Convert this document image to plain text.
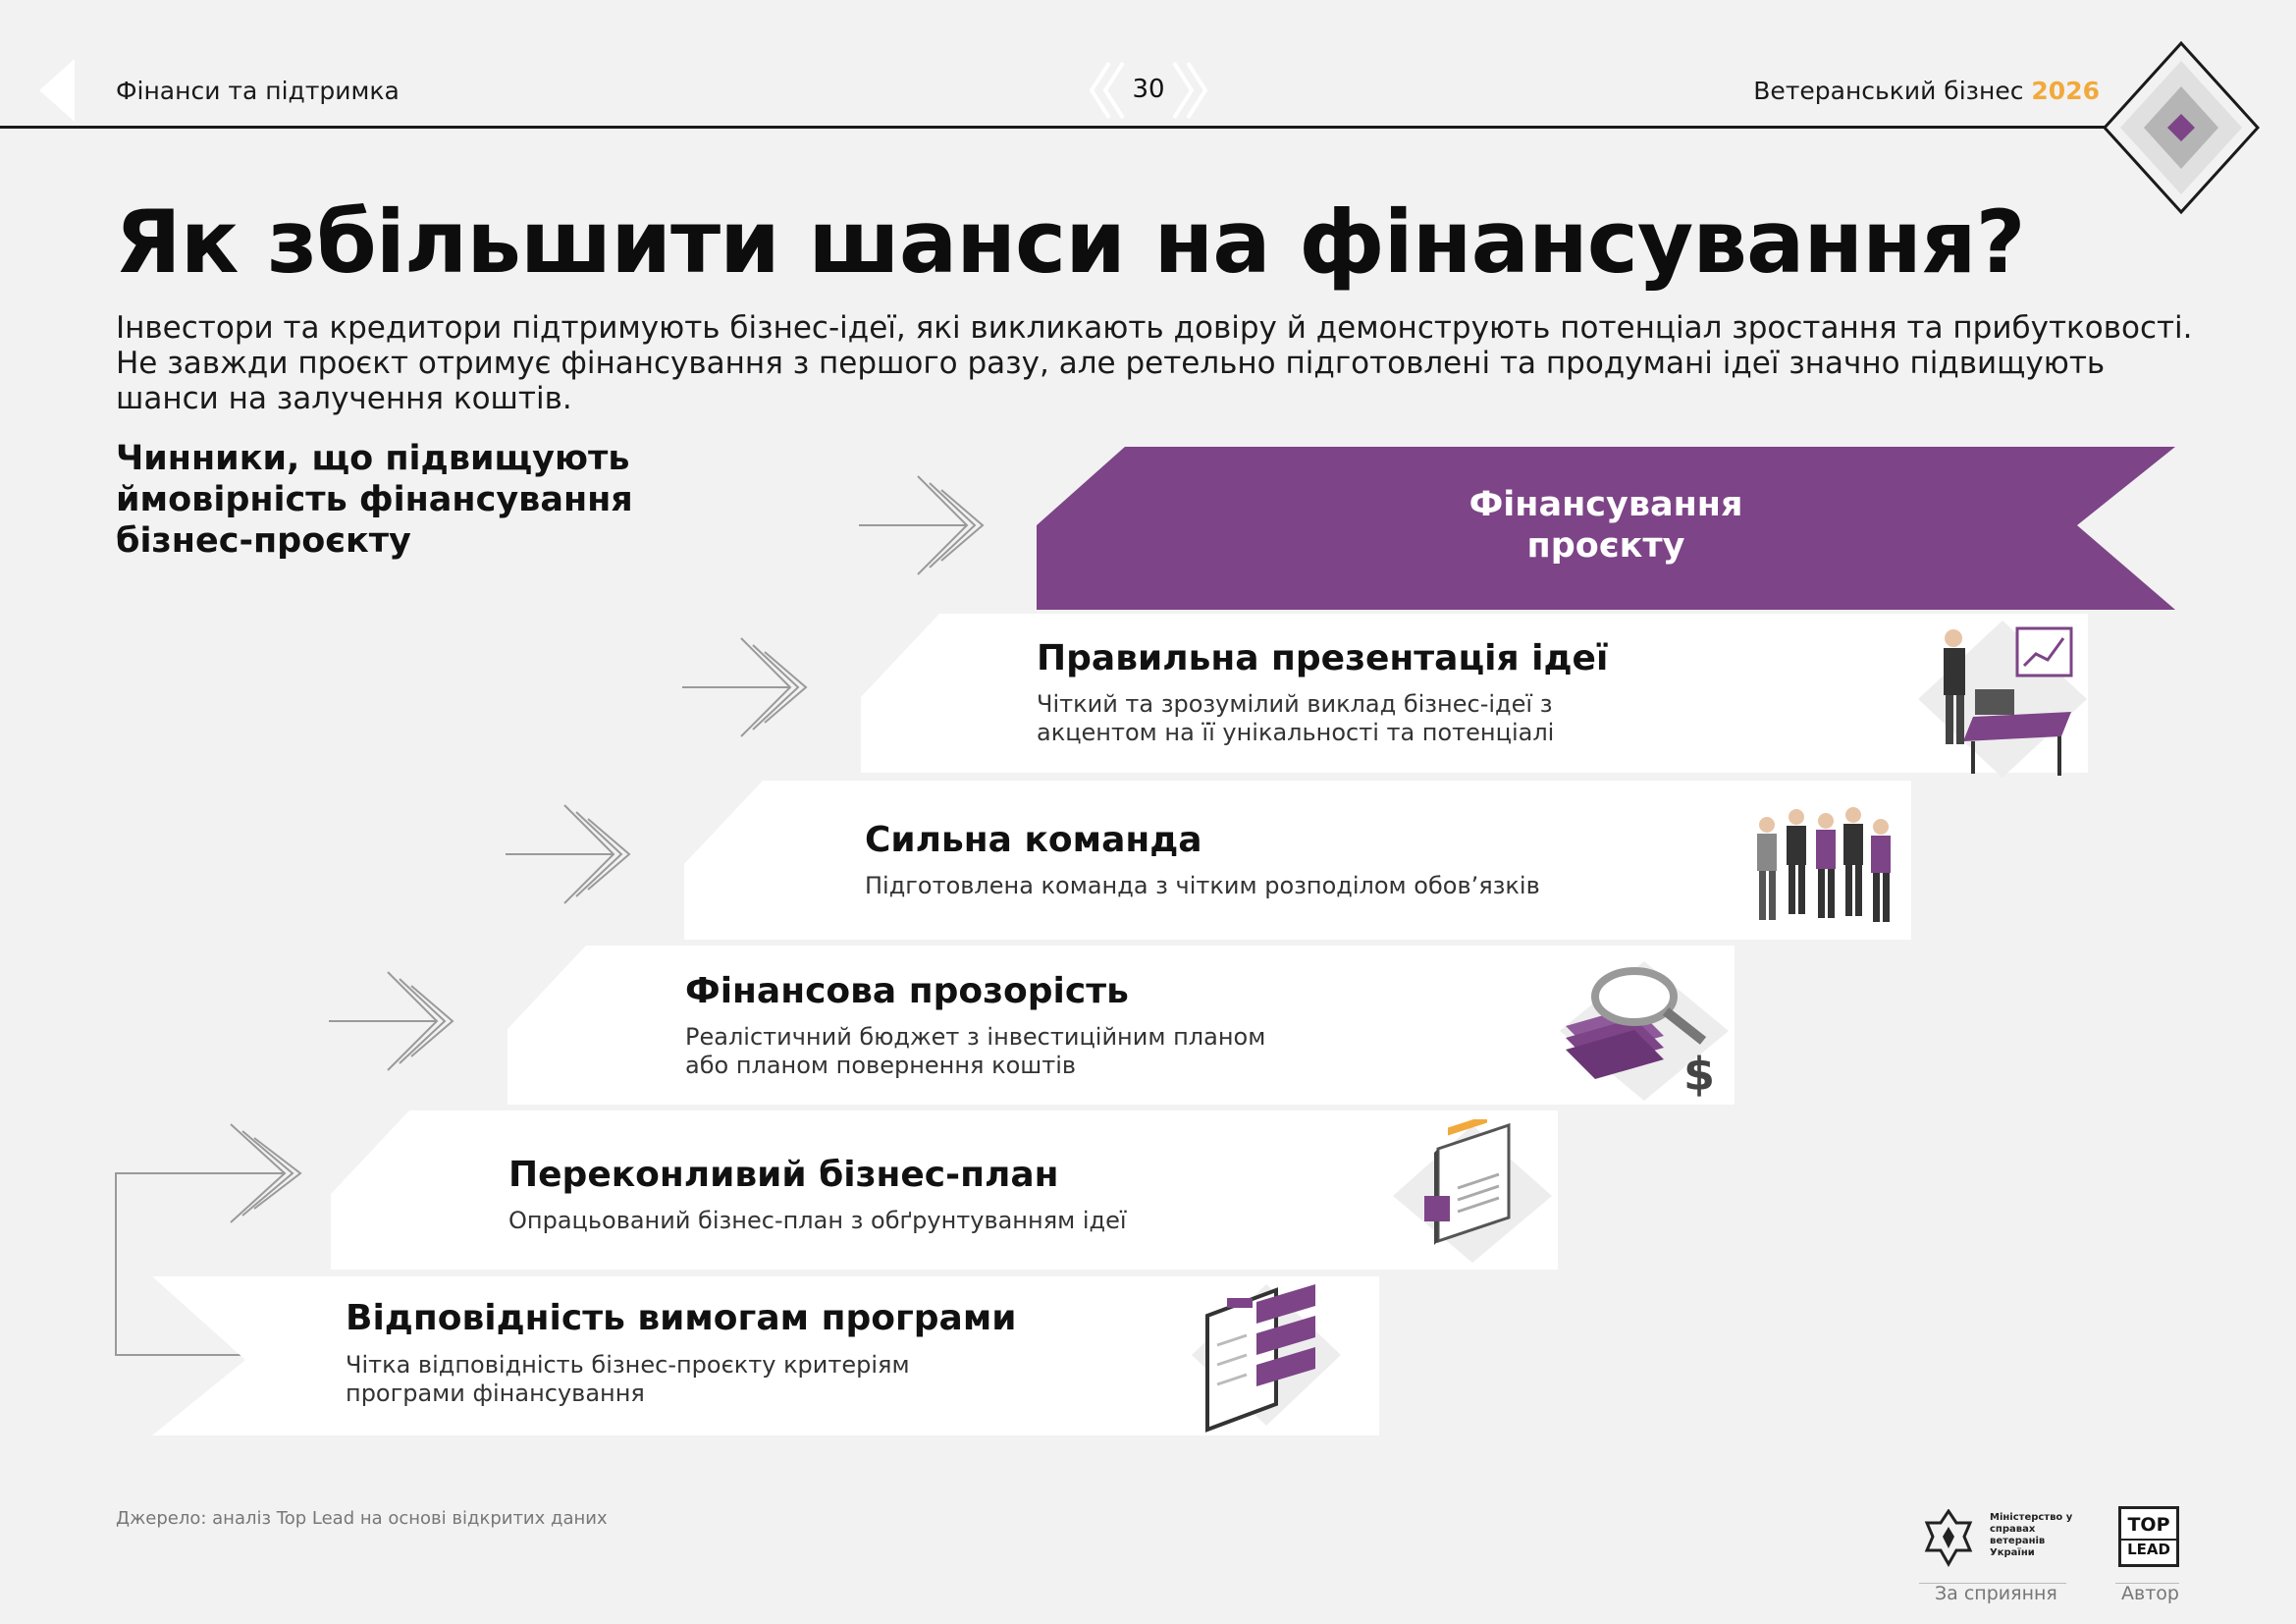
Фінанси та підтримка	30	Ветеранський бізнес 2026
Як збільшити шанси на фінансування?
Інвестори та кредитори підтримують бізнес-ідеї, які викликають довіру й демонструють потенціал зростання та прибутковості. Не завжди проєкт отримує фінансування з першого разу, але ретельно підготовлені та продумані ідеї значно підвищують шанси на залучення коштів.
Чинники, що підвищують ймовірність фінансування бізнес-проєкту
Фінансування проєкту
Правильна презентація ідеї
Чіткий та зрозумілий виклад бізнес-ідеї з акцентом на її унікальності та потенціалі
Сильна команда
Підготовлена команда з чітким розподілом обов’язків
Фінансова прозорість
Реалістичний бюджет з інвестиційним планом або планом повернення коштів	$
Переконливий бізнес-план
Опрацьований бізнес-план з обґрунтуванням ідеї
Відповідність вимогам програми
Чітка відповідність бізнес-проєкту критеріям програми фінансування
Джерело: аналіз Top Lead на основі відкритих даних	Міністерство у справах ветеранів України
TOP
LEAD
За сприяння	Автор
